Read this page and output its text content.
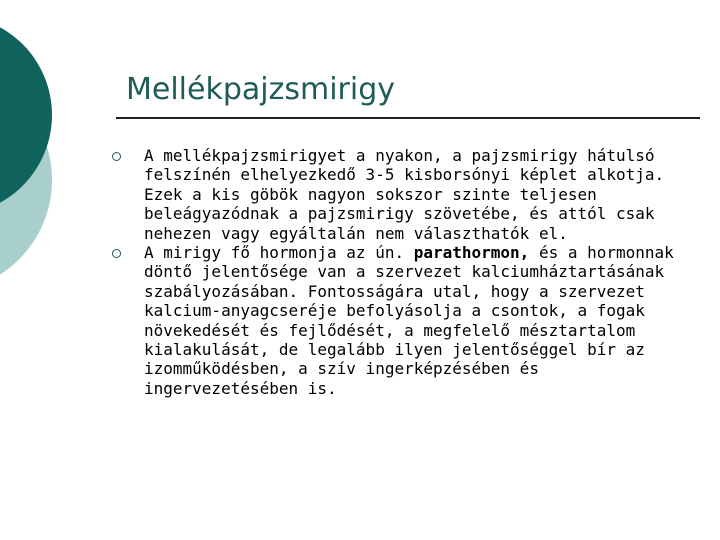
Mellékpajzsmirigy
A mellékpajzsmirigyet a nyakon, a pajzsmirigy hátulsó felszínén elhelyezkedő 3-5 kisborsónyi képlet alkotja. Ezek a kis göbök nagyon sokszor szinte teljesen beleágyazódnak a pajzsmirigy szövetébe, és attól csak nehezen vagy egyáltalán nem választhatók el.
A mirigy fő hormonja az ún. parathormon, és a hormonnak döntő jelentősége van a szervezet kalciumháztartásának szabályozásában. Fontosságára utal, hogy a szervezet kalcium-anyagcseréje befolyásolja a csontok, a fogak növekedését és fejlődését, a megfelelő mésztartalom kialakulását, de legalább ilyen jelentőséggel bír az izomműködésben, a szív ingerképzésében és ingervezetésében is.
